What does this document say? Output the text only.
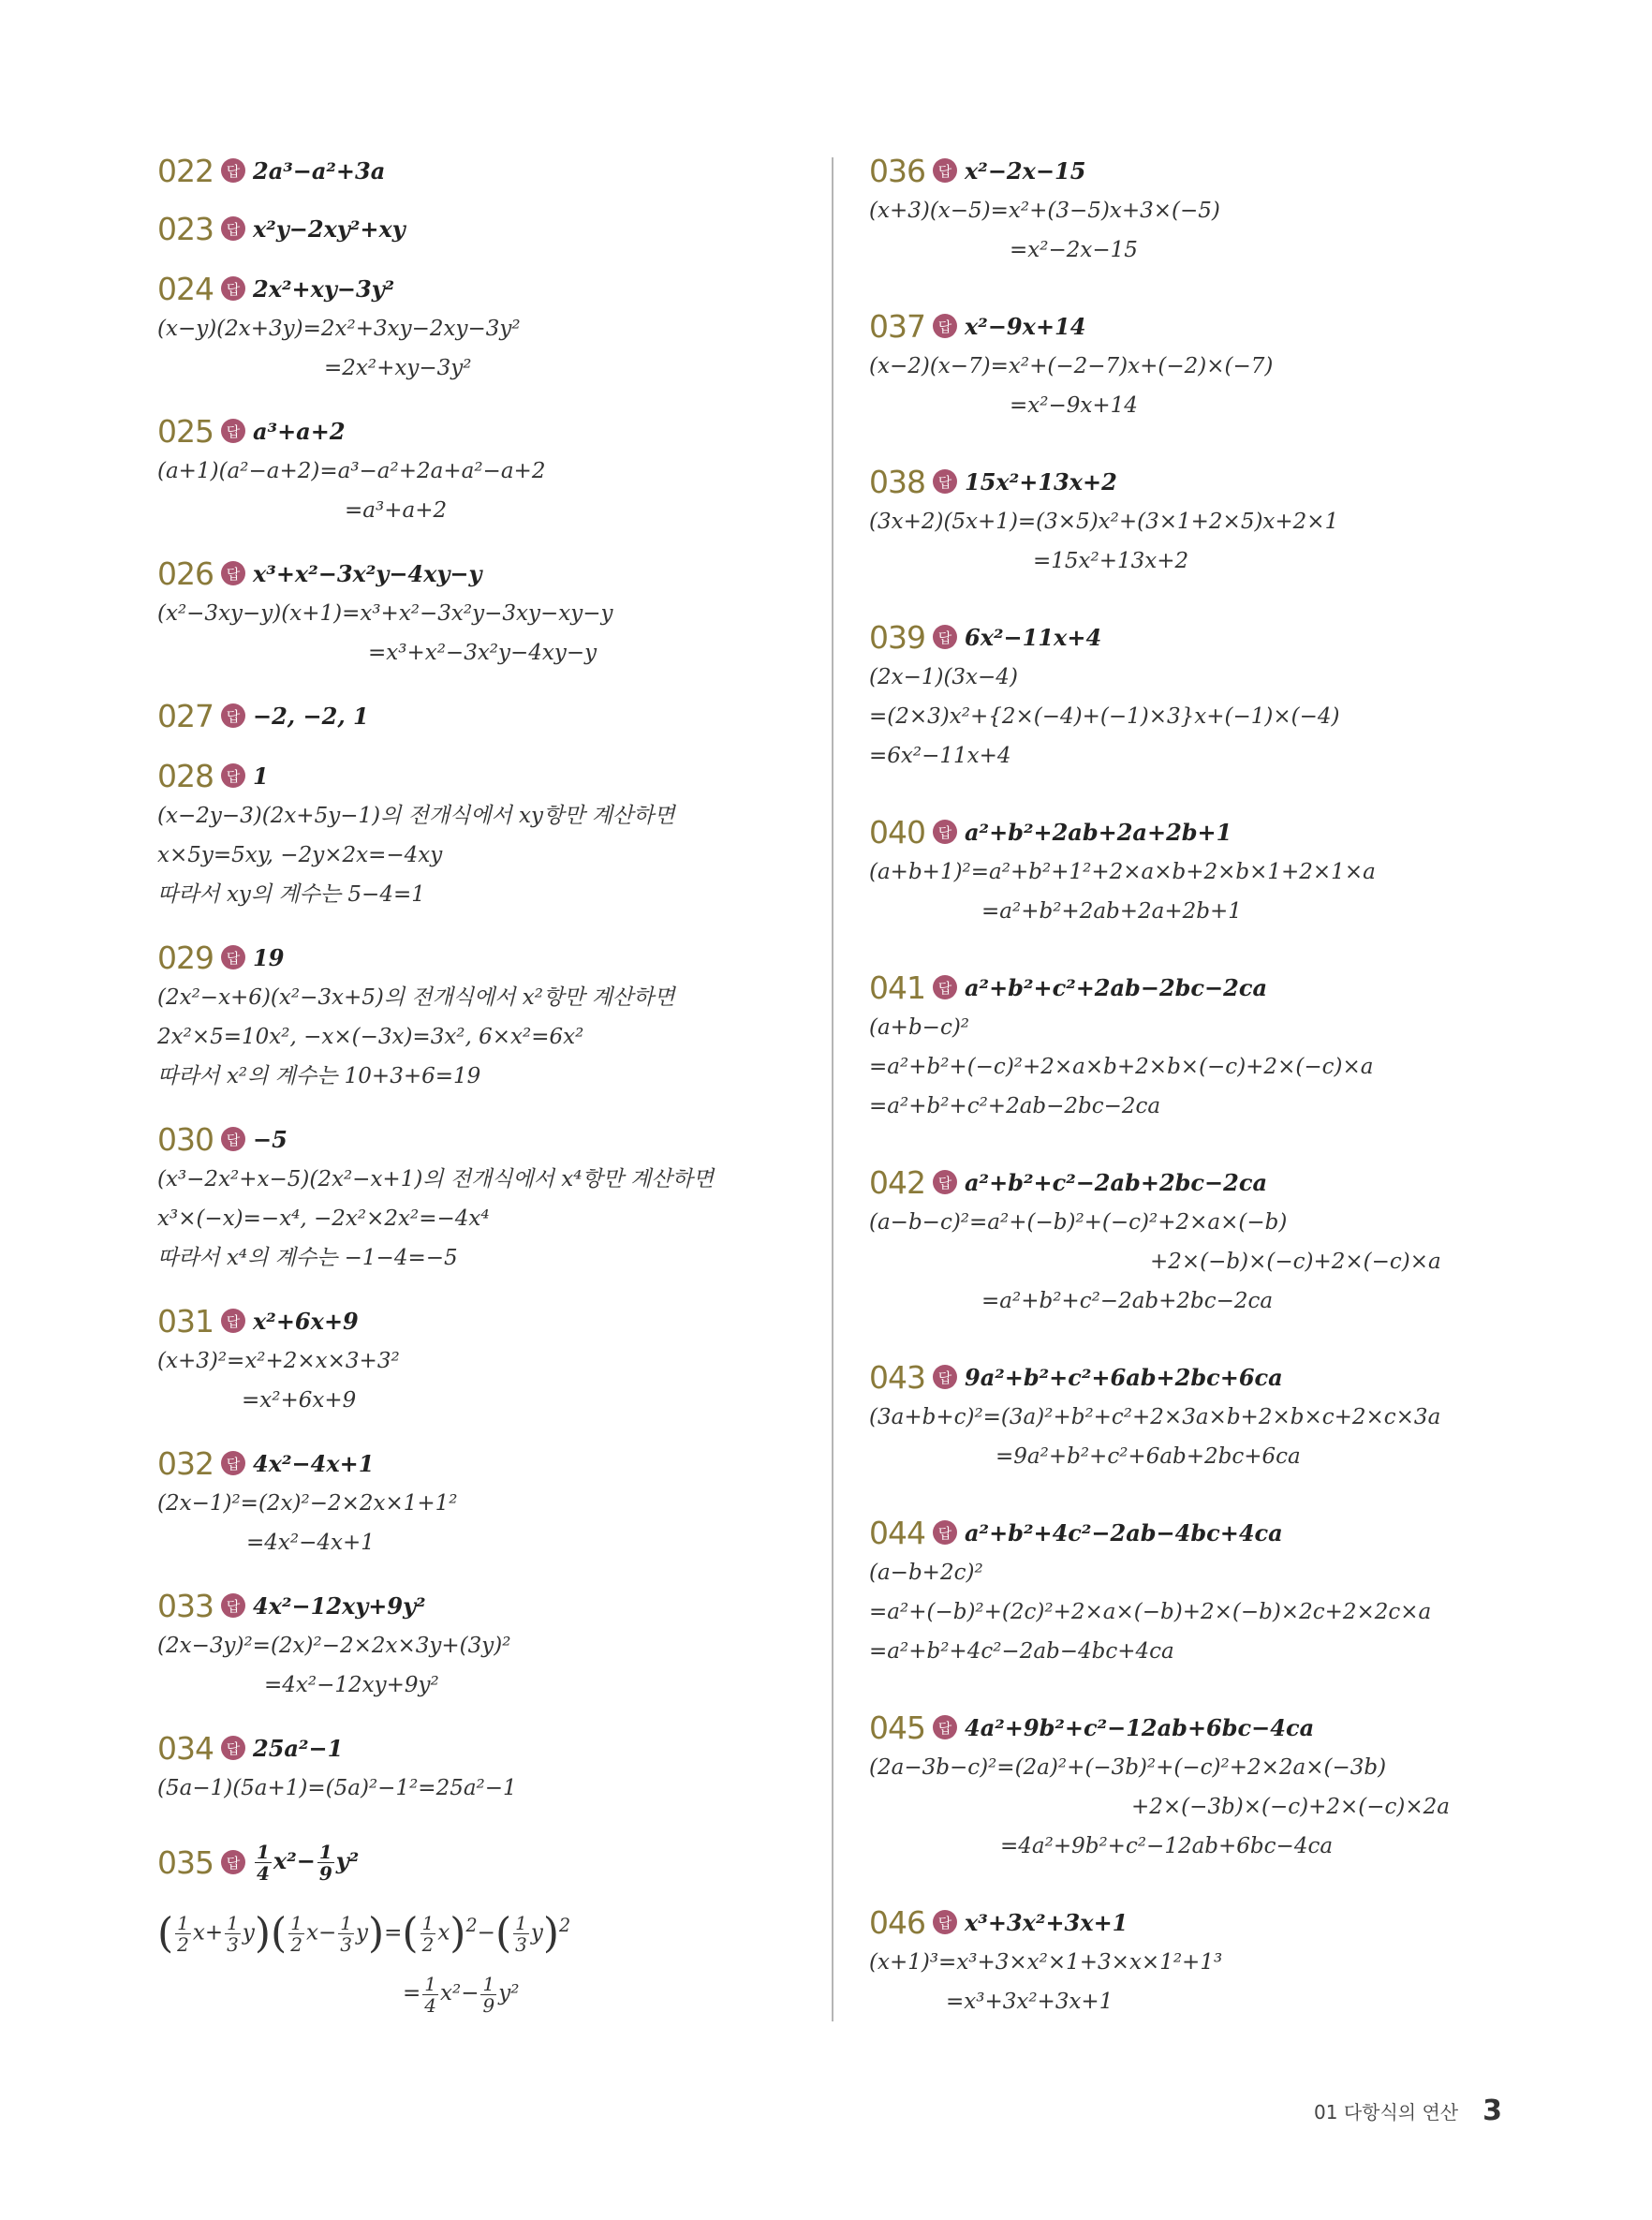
022 답 2a³−a²+3a
023 답 x²y−2xy²+xy
024 답 2x²+xy−3y²
(x−y)(2x+3y)=2x²+3xy−2xy−3y²
=2x²+xy−3y²
025 답 a³+a+2
(a+1)(a²−a+2)=a³−a²+2a+a²−a+2
=a³+a+2
026 답 x³+x²−3x²y−4xy−y
(x²−3xy−y)(x+1)=x³+x²−3x²y−3xy−xy−y
=x³+x²−3x²y−4xy−y
027 답 −2, −2, 1
028 답 1
(x−2y−3)(2x+5y−1)의 전개식에서 xy항만 계산하면
x×5y=5xy, −2y×2x=−4xy
따라서 xy의 계수는 5−4=1
029 답 19
(2x²−x+6)(x²−3x+5)의 전개식에서 x²항만 계산하면
2x²×5=10x², −x×(−3x)=3x², 6×x²=6x²
따라서 x²의 계수는 10+3+6=19
030 답 −5
(x³−2x²+x−5)(2x²−x+1)의 전개식에서 x⁴항만 계산하면
x³×(−x)=−x⁴, −2x²×2x²=−4x⁴
따라서 x⁴의 계수는 −1−4=−5
031 답 x²+6x+9
(x+3)²=x²+2×x×3+3²
=x²+6x+9
032 답 4x²−4x+1
(2x−1)²=(2x)²−2×2x×1+1²
=4x²−4x+1
033 답 4x²−12xy+9y²
(2x−3y)²=(2x)²−2×2x×3y+(3y)²
=4x²−12xy+9y²
034 답 25a²−1
(5a−1)(5a+1)=(5a)²−1²=25a²−1
035 답 $\frac{1}{4} x^2- \frac{1}{9} y^2$
( $\frac{1}{2} x+ \frac{1}{3} y)( \frac{1}{2} x- \frac{1}{3} y)=( \frac{1}{2} x)^2-( \frac{1}{3} y)^2$
= $\frac{1}{4} x^2- \frac{1}{9} y^2$
036 답 x²−2x−15
(x+3)(x−5)=x²+(3−5)x+3×(−5)
=x²−2x−15
037 답 x²−9x+14
(x−2)(x−7)=x²+(−2−7)x+(−2)×(−7)
=x²−9x+14
038 답 15x²+13x+2
(3x+2)(5x+1)=(3×5)x²+(3×1+2×5)x+2×1
=15x²+13x+2
039 답 6x²−11x+4
(2x−1)(3x−4)
=(2×3)x²+{2×(−4)+(−1)×3}x+(−1)×(−4)
=6x²−11x+4
040 답 a²+b²+2ab+2a+2b+1
(a+b+1)²=a²+b²+1²+2×a×b+2×b×1+2×1×a
=a²+b²+2ab+2a+2b+1
041 답 a²+b²+c²+2ab−2bc−2ca
(a+b−c)²
=a²+b²+(−c)²+2×a×b+2×b×(−c)+2×(−c)×a
=a²+b²+c²+2ab−2bc−2ca
042 답 a²+b²+c²−2ab+2bc−2ca
(a−b−c)²=a²+(−b)²+(−c)²+2×a×(−b)
+2×(−b)×(−c)+2×(−c)×a
=a²+b²+c²−2ab+2bc−2ca
043 답 9a²+b²+c²+6ab+2bc+6ca
(3a+b+c)²=(3a)²+b²+c²+2×3a×b+2×b×c+2×c×3a
=9a²+b²+c²+6ab+2bc+6ca
044 답 a²+b²+4c²−2ab−4bc+4ca
(a−b+2c)²
=a²+(−b)²+(2c)²+2×a×(−b)+2×(−b)×2c+2×2c×a
=a²+b²+4c²−2ab−4bc+4ca
045 답 4a²+9b²+c²−12ab+6bc−4ca
(2a−3b−c)²=(2a)²+(−3b)²+(−c)²+2×2a×(−3b)
+2×(−3b)×(−c)+2×(−c)×2a
=4a²+9b²+c²−12ab+6bc−4ca
046 답 x³+3x²+3x+1
(x+1)³=x³+3×x²×1+3×x×1²+1³
=x³+3x²+3x+1
01 다항식의 연산 3
